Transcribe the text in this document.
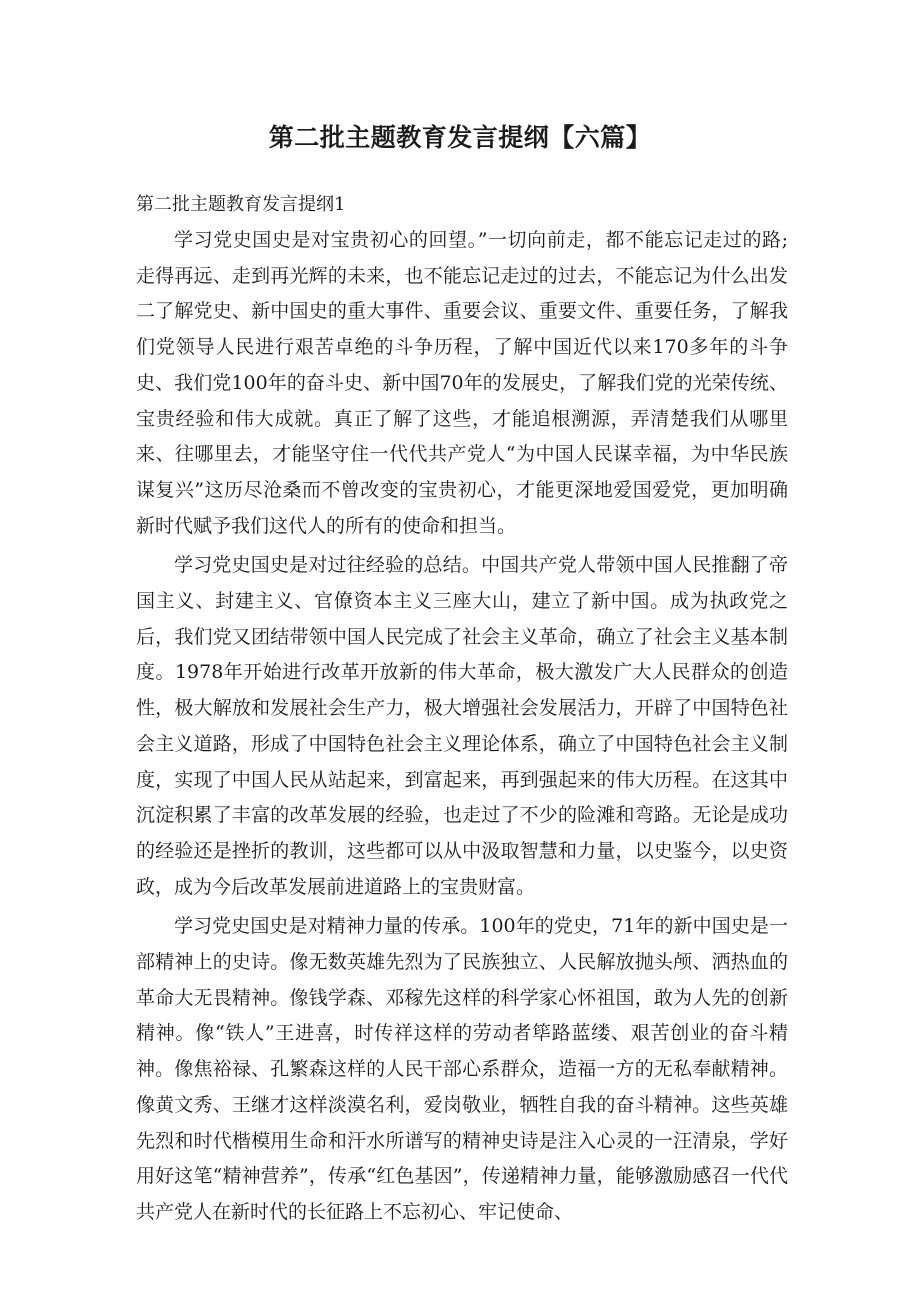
第二批主题教育发言提纲【六篇】

第二批主题教育发言提纲1

学习党史国史是对宝贵初心的回望。”一切向前走，都不能忘记走过的路;走得再远、走到再光辉的未来，也不能忘记走过的过去，不能忘记为什么出发二了解党史、新中国史的重大事件、重要会议、重要文件、重要任务，了解我们党领导人民进行艰苦卓绝的斗争历程，了解中国近代以来170多年的斗争史、我们党100年的奋斗史、新中国70年的发展史，了解我们党的光荣传统、宝贵经验和伟大成就。真正了解了这些，才能追根溯源，弄清楚我们从哪里来、往哪里去，才能坚守住一代代共产党人“为中国人民谋幸福，为中华民族谋复兴”这历尽沧桑而不曾改变的宝贵初心，才能更深地爱国爱党，更加明确新时代赋予我们这代人的所有的使命和担当。

学习党史国史是对过往经验的总结。中国共产党人带领中国人民推翻了帝国主义、封建主义、官僚资本主义三座大山，建立了新中国。成为执政党之后，我们党又团结带领中国人民完成了社会主义革命，确立了社会主义基本制度。1978年开始进行改革开放新的伟大革命，极大激发广大人民群众的创造性，极大解放和发展社会生产力，极大增强社会发展活力，开辟了中国特色社会主义道路，形成了中国特色社会主义理论体系，确立了中国特色社会主义制度，实现了中国人民从站起来，到富起来，再到强起来的伟大历程。在这其中沉淀积累了丰富的改革发展的经验，也走过了不少的险滩和弯路。无论是成功的经验还是挫折的教训，这些都可以从中汲取智慧和力量，以史鉴今，以史资政，成为今后改革发展前进道路上的宝贵财富。

学习党史国史是对精神力量的传承。100年的党史，71年的新中国史是一部精神上的史诗。像无数英雄先烈为了民族独立、人民解放抛头颅、洒热血的革命大无畏精神。像钱学森、邓稼先这样的科学家心怀祖国，敢为人先的创新精神。像“铁人”王进喜，时传祥这样的劳动者筚路蓝缕、艰苦创业的奋斗精神。像焦裕禄、孔繁森这样的人民干部心系群众，造福一方的无私奉献精神。像黄文秀、王继才这样淡漠名利，爱岗敬业，牺牲自我的奋斗精神。这些英雄先烈和时代楷模用生命和汗水所谱写的精神史诗是注入心灵的一汪清泉，学好用好这笔“精神营养”，传承“红色基因”，传递精神力量，能够激励感召一代代共产党人在新时代的长征路上不忘初心、牢记使命、
